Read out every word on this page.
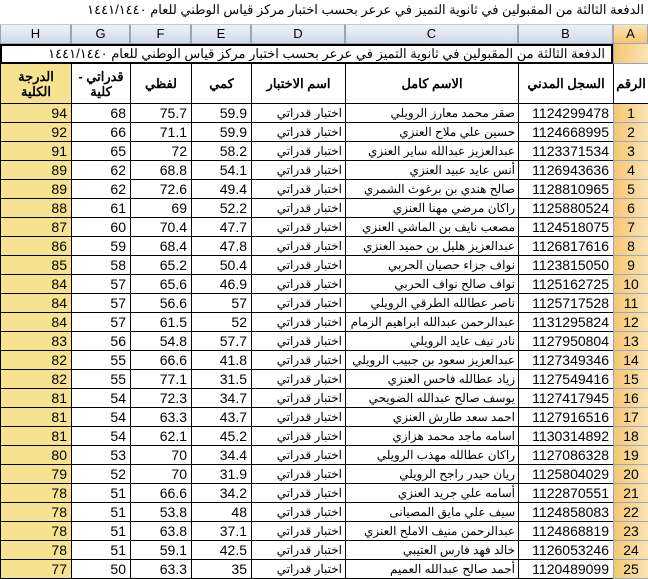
الدفعة الثالثة من المقبولين في ثانوية التميز في عرعر بحسب اختبار مركز قياس الوطني للعام ١٤٤١/١٤٤٠
A
B
C
D
E
F
G
H
الدفعة الثالثة من المقبولين في ثانوية التميز في عرعر بحسب اختبار مركز قياس الوطني للعام ١٤٤١/١٤٤٠
الرقم
السجل المدني
الاسم كامل
اسم الاختبار
كمي
لفظي
قدراتي - كلية
الدرجة الكلية
1
1124299478
صقر محمد معارز الرويلي
اختبار قدراتي
59.9
75.7
68
94
2
1124668995
حسين علي ملاح العنزي
اختبار قدراتي
59.9
71.1
66
92
3
1123371534
عبدالعزيز عبدالله ساير العنزي
اختبار قدراتي
58.2
72
65
91
4
1126943636
أنس عايد عبيد العنزي
اختبار قدراتي
54.1
68.8
62
89
5
1128810965
صالح هندي بن برغوث الشمري
اختبار قدراتي
49.4
72.6
62
89
6
1125880524
راكان مرضي مهنا العنزي
اختبار قدراتي
52.2
69
61
88
7
1124518075
مصعب نايف بن الماشي العنزي
اختبار قدراتي
47.7
70.4
60
87
8
1126817616
عبدالعزيز هليل بن حميد العنزي
اختبار قدراتي
47.8
68.4
59
86
9
1123815050
نواف جزاء حصيان الحربي
اختبار قدراتي
50.4
65.2
58
85
10
1125162725
نواف صالح نواف الحربي
اختبار قدراتي
46.9
65.6
57
84
11
1125717528
ناصر عطالله الطرقي الرويلي
اختبار قدراتي
57
56.6
57
84
12
1131295824
عبدالرحمن عبدالله ابراهيم الزمام
اختبار قدراتي
52
61.5
57
84
13
1127950804
نادر نيف عايد الرويلي
اختبار قدراتي
57.7
54.8
56
83
14
1127349346
عبدالعزيز سعود بن جبيب الرويلي
اختبار قدراتي
41.8
66.6
55
82
15
1127549416
زياد عطالله فاحس العنزي
اختبار قدراتي
31.5
77.1
55
82
16
1127417945
يوسف صالح عبدالله الضويحي
اختبار قدراتي
34.7
72.3
54
81
17
1127916516
احمد سعد طارش العنزي
اختبار قدراتي
43.7
63.3
54
81
18
1130314892
اسامه ماجد محمد هزازي
اختبار قدراتي
45.2
62.1
54
81
19
1127086328
راكان عطالله مهذب الرويلي
اختبار قدراتي
34.4
70
53
80
20
1125804029
ريان حيدر راجح الرويلي
اختبار قدراتي
31.9
70
52
79
21
1122870551
أسامه علي جريد العنزي
اختبار قدراتي
34.2
66.6
51
78
22
1124858083
سيف علي مايق المصيانى
اختبار قدراتي
48
53.8
51
78
23
1124868819
عبدالرحمن منيف الاملح العنزي
اختبار قدراتي
37.1
63.8
51
78
24
1126053246
خالد فهد فارس العتيبي
اختبار قدراتي
42.5
59.1
51
78
25
1120489099
أحمد صالح عبدالله العميم
اختبار قدراتي
35
63.3
50
77
